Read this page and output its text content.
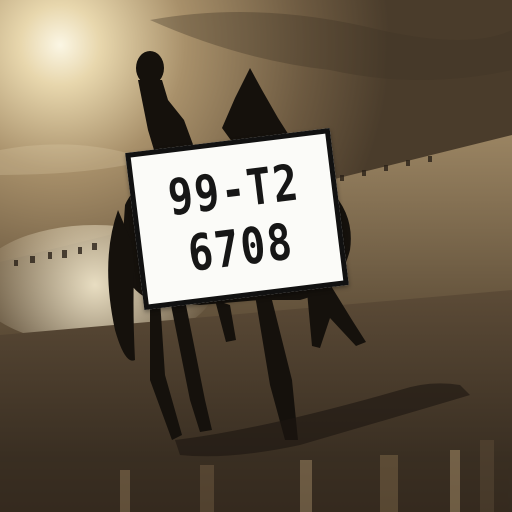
99-T2
6708
